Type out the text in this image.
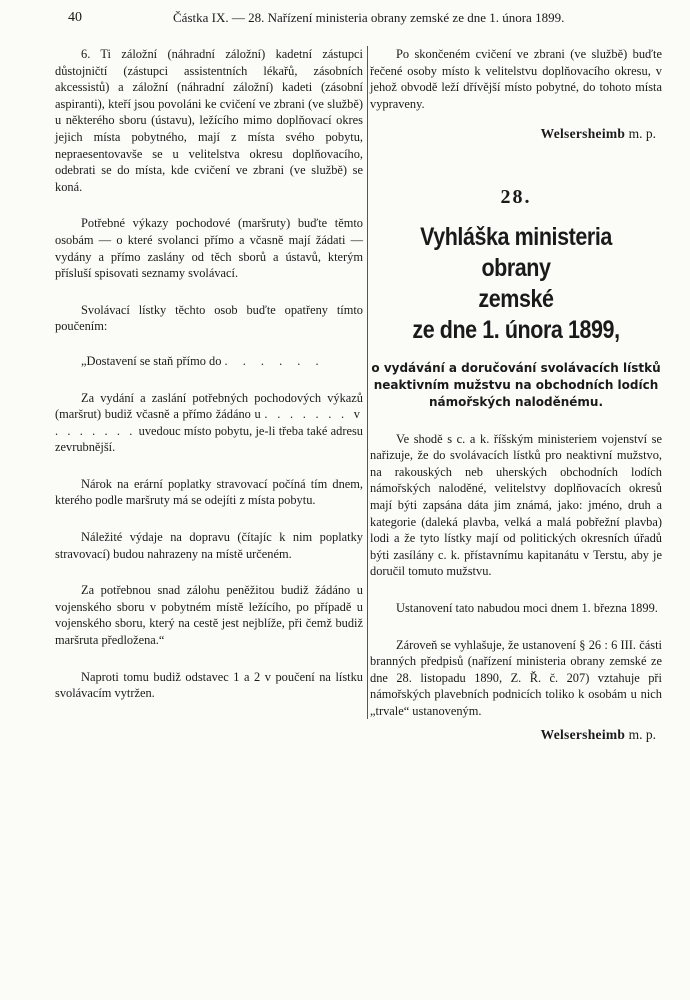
40	Částka IX. — 28. Nařízení ministeria obrany zemské ze dne 1. února 1899.

6. Ti záložní (náhradní záložní) kadetní zástupci důstojničtí (zástupci assistentních lékařů, zásobních akcessistů) a záložní (náhradní záložní) kadeti (zásobní aspiranti), kteří jsou povoláni ke cvičení ve zbrani (ve službě) u některého sboru (ústavu), ležícího mimo doplňovací okres jejich místa pobytného, mají z místa svého pobytu, nepraesentovavše se u velitelstva okresu doplňovacího, odebrati se do místa, kde cvičení ve zbrani (ve službě) se koná.

Potřebné výkazy pochodové (maršruty) buďte těmto osobám — o které svolanci přímo a včasně mají žádati — vydány a přímo zaslány od těch sborů a ústavů, kterým přísluší spisovati seznamy svolávací.

Svolávací lístky těchto osob buďte opatřeny tímto poučením:

„Dostavení se staň přímo do . . . . . .

Za vydání a zaslání potřebných pochodových výkazů (maršrut) budiž včasně a přímo žádáno u . . . . . . . v . . . . . . . uvedouc místo pobytu, je-li třeba také adresu zevrubnější.

Nárok na erární poplatky stravovací počíná tím dnem, kterého podle maršruty má se odejíti z místa pobytu.

Náležité výdaje na dopravu (čítajíc k nim poplatky stravovací) budou nahrazeny na místě určeném.

Za potřebnou snad zálohu peněžitou budiž žádáno u vojenského sboru v pobytném místě ležícího, po případě u vojenského sboru, který na cestě jest nejblíže, při čemž budiž maršruta předložena.“

Naproti tomu budiž odstavec 1 a 2 v poučení na lístku svolávacím vytržen.

Po skončeném cvičení ve zbrani (ve službě) buďte řečené osoby místo k velitelstvu doplňovacího okresu, v jehož obvodě leží dřívější místo pobytné, do tohoto místa vypraveny.

Welsersheimb m. p.
28.
Vyhláška ministeria obrany
zemské
ze dne 1. února 1899,
o vydávání a doručování svolávacích lístků neaktivním mužstvu na obchodních lodích námořských naloděnému.

Ve shodě s c. a k. říšským ministeriem vojenství se nařizuje, že do svolávacích lístků pro neaktivní mužstvo, na rakouských neb uherských obchodních lodích námořských naloděné, velitelstvy doplňovacích okresů mají býti zapsána dáta jim známá, jako: jméno, druh a kategorie (daleká plavba, velká a malá pobřežní plavba) lodi a že tyto lístky mají od politických okresních úřadů býti zasílány c. k. přístavnímu kapitanátu v Terstu, aby je doručil tomuto mužstvu.

Ustanovení tato nabudou moci dnem 1. března 1899.

Zároveň se vyhlašuje, že ustanovení § 26 : 6 III. části branných předpisů (nařízení ministeria obrany zemské ze dne 28. listopadu 1890, Z. Ř. č. 207) vztahuje při námořských plavebních podnicích toliko k osobám u nich „trvale“ ustanoveným.

Welsersheimb m. p.
